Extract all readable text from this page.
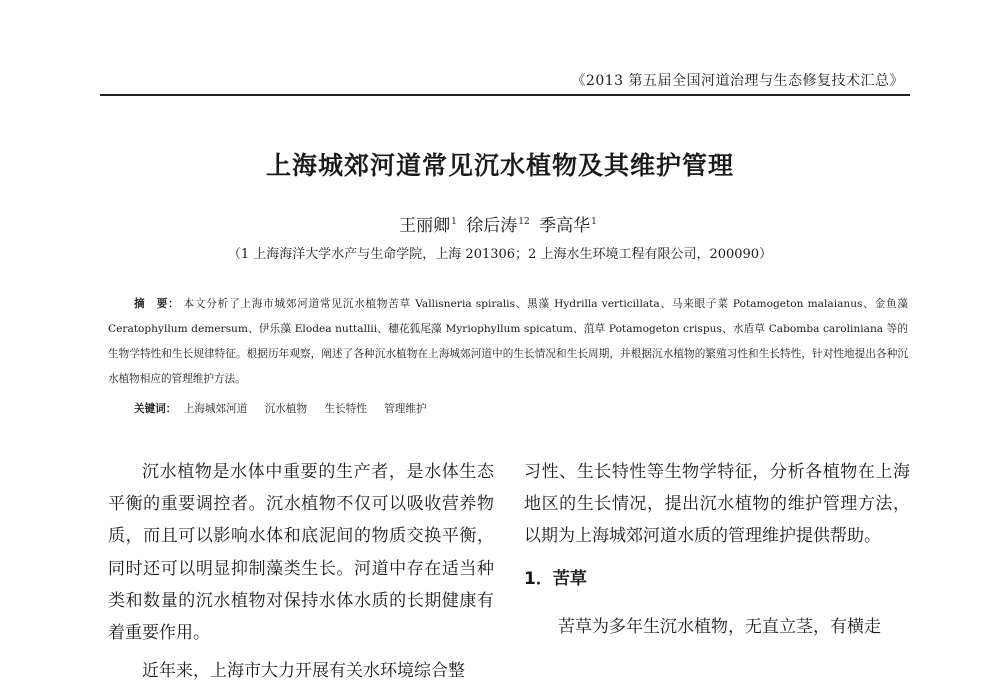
《2013 第五届全国河道治理与生态修复技术汇总》
上海城郊河道常见沉水植物及其维护管理
王丽卿$^1$ 徐后涛$^{12}$ 季高华$^1$
（1 上海海洋大学水产与生命学院，上海 201306；2 上海水生环境工程有限公司，200090）
摘　要： 本文分析了上海市城郊河道常见沉水植物苦草 Vallisneria spiralis、黑藻 Hydrilla verticillata、马来眼子菜 Potamogeton malaianus、金鱼藻 Ceratophyllum demersum、伊乐藻 Elodea nuttallii、穗花狐尾藻 Myriophyllum spicatum、菹草 Potamogeton crispus、水盾草 Cabomba caroliniana 等的生物学特性和生长规律特征。根据历年观察，阐述了各种沉水植物在上海城郊河道中的生长情况和生长周期，并根据沉水植物的繁殖习性和生长特性，针对性地提出各种沉水植物相应的管理维护方法。
关键词： 上海城郊河道 沉水植物 生长特性 管理维护

沉水植物是水体中重要的生产者，是水体生态平衡的重要调控者。沉水植物不仅可以吸收营养物质，而且可以影响水体和底泥间的物质交换平衡，同时还可以明显抑制藻类生长。河道中存在适当种类和数量的沉水植物对保持水体水质的长期健康有着重要作用。

近年来，上海市大力开展有关水环境综合整

习性、生长特性等生物学特征，分析各植物在上海地区的生长情况，提出沉水植物的维护管理方法，以期为上海城郊河道水质的管理维护提供帮助。

1．苦草

苦草为多年生沉水植物，无直立茎，有横走
